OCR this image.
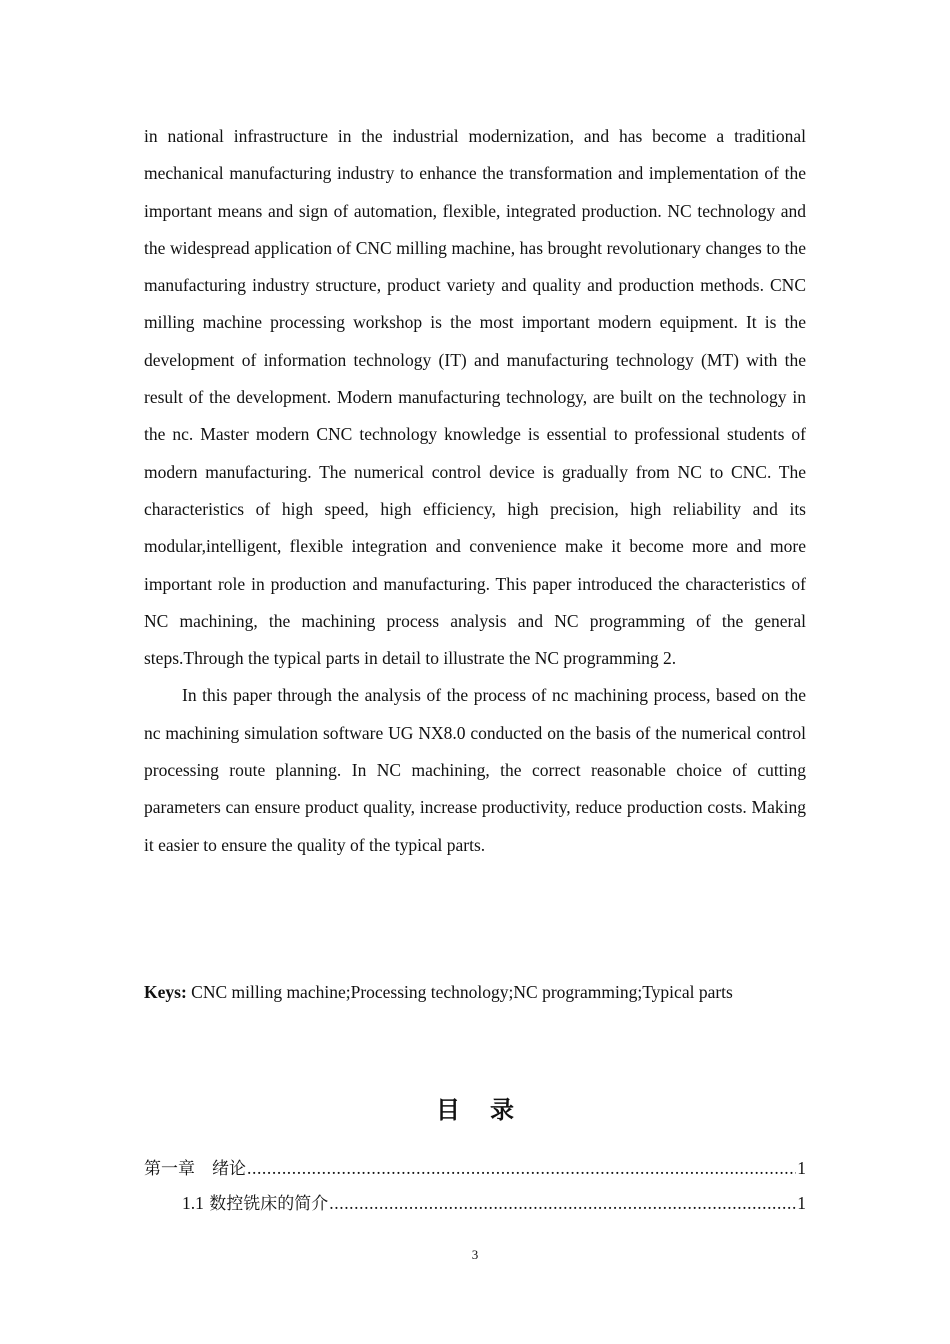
in national infrastructure in the industrial modernization, and has become a traditional mechanical manufacturing industry to enhance the transformation and implementation of the important means and sign of automation, flexible, integrated production. NC technology and the widespread application of CNC milling machine, has brought revolutionary changes to the manufacturing industry structure, product variety and quality and production methods. CNC milling machine processing workshop is the most important modern equipment. It is the development of information technology (IT) and manufacturing technology (MT) with the result of the development. Modern manufacturing technology, are built on the technology in the nc. Master modern CNC technology knowledge is essential to professional students of modern manufacturing. The numerical control device is gradually from NC to CNC. The characteristics of high speed, high efficiency, high precision, high reliability and its modular,intelligent, flexible integration and convenience make it become more and more important role in production and manufacturing. This paper introduced the characteristics of NC machining, the machining process analysis and NC programming of the general steps.Through the typical parts in detail to illustrate the NC programming 2.

In this paper through the analysis of the process of nc machining process, based on the nc machining simulation software UG NX8.0 conducted on the basis of the numerical control processing route planning. In NC machining, the correct reasonable choice of cutting parameters can ensure product quality, increase productivity, reduce production costs. Making it easier to ensure the quality of the typical parts.

Keys: CNC milling machine;Processing technology;NC programming;Typical parts
目录
第一章　绪论 .....	1
1.1 数控铣床的简介 .....	1
3
